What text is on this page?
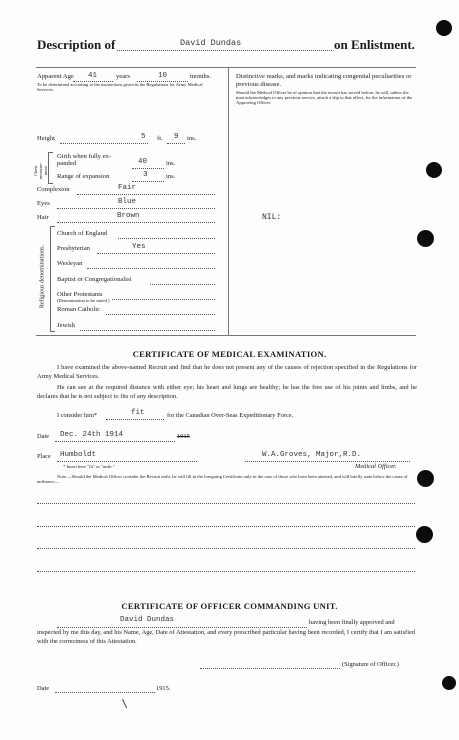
Description of	David Dundas	on Enlistment.
Apparent Age 41	years	10	months.
To be determined according to the instructions given in the Regulations for Army Medical Services.
Height	5 ft. 9 ins.
Chest measure-ment
Girth when fully ex-panded	40	ins.
Range of expansion	3	ins.
Complexion	Fair
Eyes	Blue
Hair	Brown
Religious denominations.
Church of England
Presbyterian	Yes
Wesleyan
Baptist or Congregationalist
Other Protestants
(Denomination to be stated.)
Roman Catholic
Jewish
Distinctive marks, and marks indicating congenital peculiarities or previous disease.
Should the Medical Officer be of opinion that the recruit has served before, he will, unless the man acknowledges to any previous service, attach a slip to that effect, for the information of the Approving Officer.
NIL:
CERTIFICATE OF MEDICAL EXAMINATION.
I have examined the above-named Recruit and find that he does not present any of the causes of rejection specified in the Regulations for Army Medical Services.
He can see at the required distance with either eye; his heart and lungs are healthy; he has the free use of his joints and limbs, and he declares that he is not subject to fits of any description.
I consider him*	fit	for the Canadian Over-Seas Expeditionary Force.
Date Dec. 24th 1914	1915
Place Humboldt
* Insert here "fit" or "unfit."
W.A.Groves, Major,R.D.
Medical Officer.
Note.—Should the Medical Officer consider the Recruit unfit, he will fill in the foregoing Certificate only in the case of those who have been attested, and will briefly state below the cause of unfitness:—
CERTIFICATE OF OFFICER COMMANDING UNIT.
David Dundas	having been finally approved and
inspected by me this day, and his Name, Age, Date of Attestation, and every prescribed particular having been recorded, I certify that I am satisfied with the correctness of this Attestation.
(Signature of Officer.)
Date	1915.
